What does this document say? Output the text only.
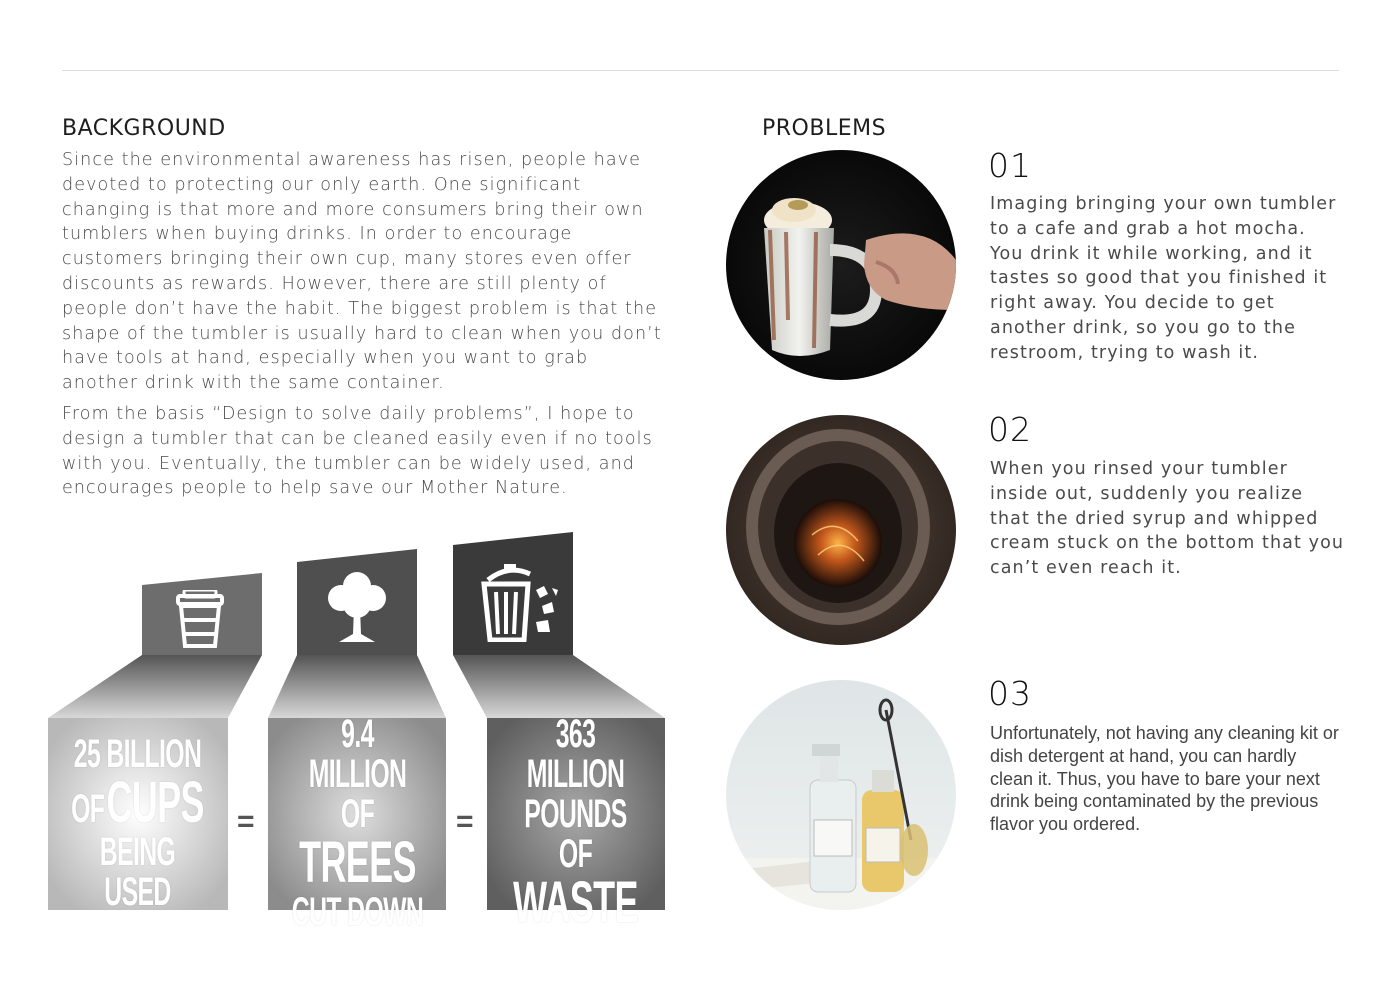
BACKGROUND

Since the environmental awareness has risen, people have devoted to protecting our only earth. One significant changing is that more and more consumers bring their own tumblers when buying drinks. In order to encourage customers bringing their own cup, many stores even offer discounts as rewards. However, there are still plenty of people don’t have the habit. The biggest problem is that the shape of the tumbler is usually hard to clean when you don’t have tools at hand, especially when you want to grab another drink with the same container.

From the basis “Design to solve daily problems”, I hope to design a tumbler that can be cleaned easily even if no tools with you. Eventually, the tumbler can be widely used, and encourages people to help save our Mother Nature.

PROBLEMS
01

Imaging bringing your own tumbler to a cafe and grab a hot mocha. You drink it while working, and it tastes so good that you finished it right away. You decide to get another drink, so you go to the restroom, trying to wash it.

02

When you rinsed your tumbler inside out, suddenly you realize that the dried syrup and whipped cream stuck on the bottom that you can’t even reach it.

03

Unfortunately, not having any cleaning kit or dish detergent at hand, you can hardly clean it. Thus, you have to bare your next drink being contaminated by the previous flavor you ordered.

25 BILLION
OF CUPS
BEING USED
9.4 MILLION
OF TREES
CUT DOWN
363 MILLION
POUNDS OF
WASTE
=	=
